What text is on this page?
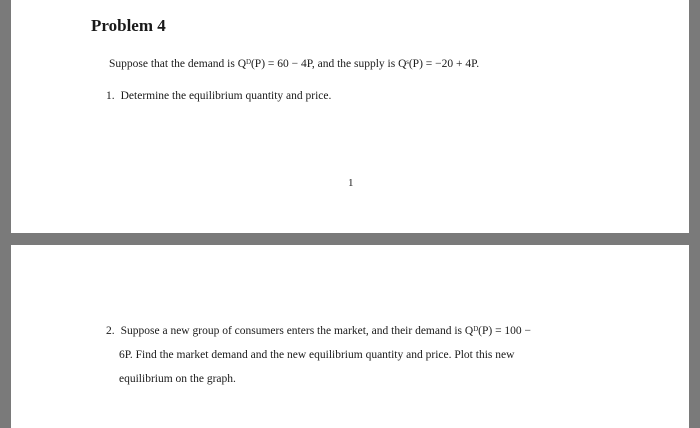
Problem 4

Suppose that the demand is Qᴰ(P) = 60 − 4P, and the supply is Qˢ(P) = −20 + 4P.

1. Determine the equilibrium quantity and price.

1

2. Suppose a new group of consumers enters the market, and their demand is Qᴰ(P) = 100 −

6P. Find the market demand and the new equilibrium quantity and price. Plot this new

equilibrium on the graph.
